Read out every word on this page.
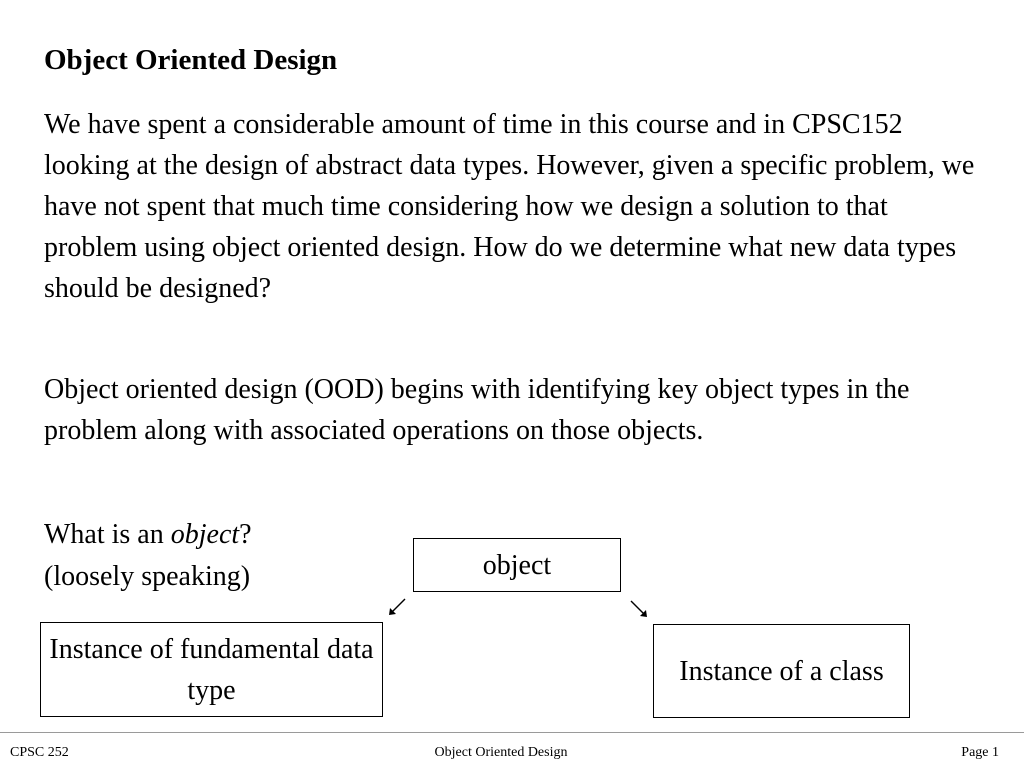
Object Oriented Design

We have spent a considerable amount of time in this course and in CPSC152 looking at the design of abstract data types. However, given a specific problem, we have not spent that much time considering how we design a solution to that problem using object oriented design. How do we determine what new data types should be designed?

Object oriented design (OOD) begins with identifying key object types in the problem along with associated operations on those objects.

What is an object?
(loosely speaking)	object
Instance of fundamental data type
Instance of a class
CPSC 252	Object Oriented Design	Page 1
